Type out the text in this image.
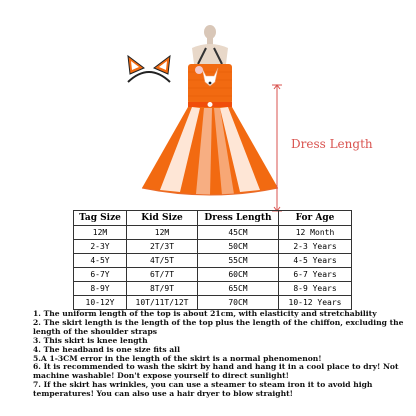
Dress Length
Tag Size	Kid Size	Dress Length	For Age
12M	12M	45CM	12 Month
2-3Y	2T/3T	50CM	2-3 Years
4-5Y	4T/5T	55CM	4-5 Years
6-7Y	6T/7T	60CM	6-7 Years
8-9Y	8T/9T	65CM	8-9 Years
10-12Y	10T/11T/12T	70CM	10-12 Years

1. The uniform length of the top is about 21cm, with elasticity and stretchability

2. The skirt length is the length of the top plus the length of the chiffon, excluding the length of the shoulder straps

3. This skirt is knee length

4. The headband is one size fits all

5.A 1-3CM error in the length of the skirt is a normal phenomenon!

6. It is recommended to wash the skirt by hand and hang it in a cool place to dry! Not machine washable! Don't expose yourself to direct sunlight!

7. If the skirt has wrinkles, you can use a steamer to steam iron it to avoid high temperatures! You can also use a hair dryer to blow straight!
